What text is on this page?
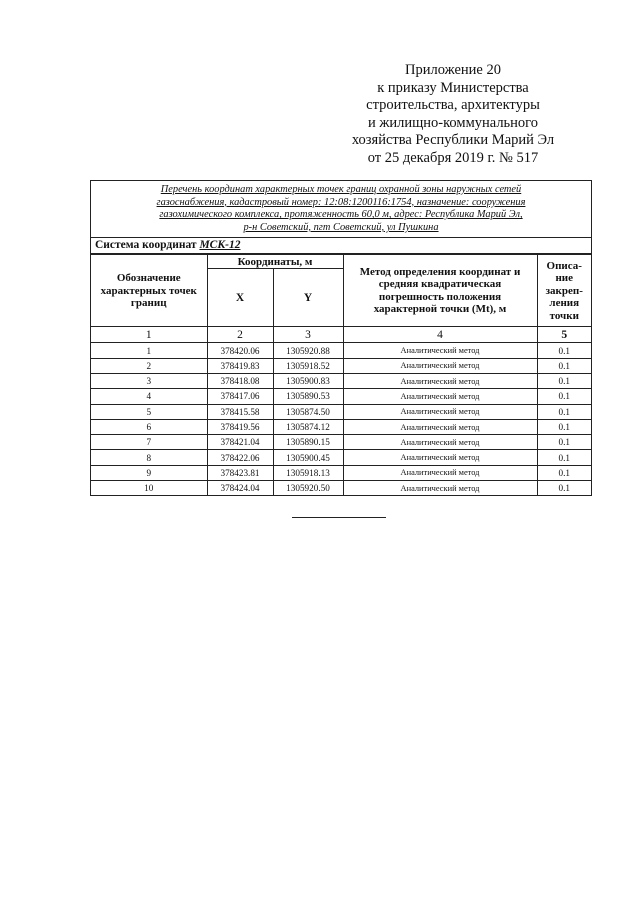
Приложение 20
к приказу Министерства
строительства, архитектуры
и жилищно-коммунального
хозяйства Республики Марий Эл
от 25 декабря 2019 г. № 517
Перечень координат характерных точек границ охранной зоны наружных сетей
газоснабжения, кадастровый номер: 12:08:1200116:1754, назначение: сооружения
газохимического комплекса, протяженность 60,0 м, адрес: Республика Марий Эл,
р-н Советский, пгт Советский, ул Пушкина
Система координат МСК-12
Обозначение характерных точек границ	Координаты, м		Метод определения координат и средняя квадратическая погрешность положения характерной точки (Mt), м	Описа-ние закреп-ления точки
	X	Y		
1	2	3	4	5
1	378420.06	1305920.88	Аналитический метод	0.1
2	378419.83	1305918.52	Аналитический метод	0.1
3	378418.08	1305900.83	Аналитический метод	0.1
4	378417.06	1305890.53	Аналитический метод	0.1
5	378415.58	1305874.50	Аналитический метод	0.1
6	378419.56	1305874.12	Аналитический метод	0.1
7	378421.04	1305890.15	Аналитический метод	0.1
8	378422.06	1305900.45	Аналитический метод	0.1
9	378423.81	1305918.13	Аналитический метод	0.1
10	378424.04	1305920.50	Аналитический метод	0.1
